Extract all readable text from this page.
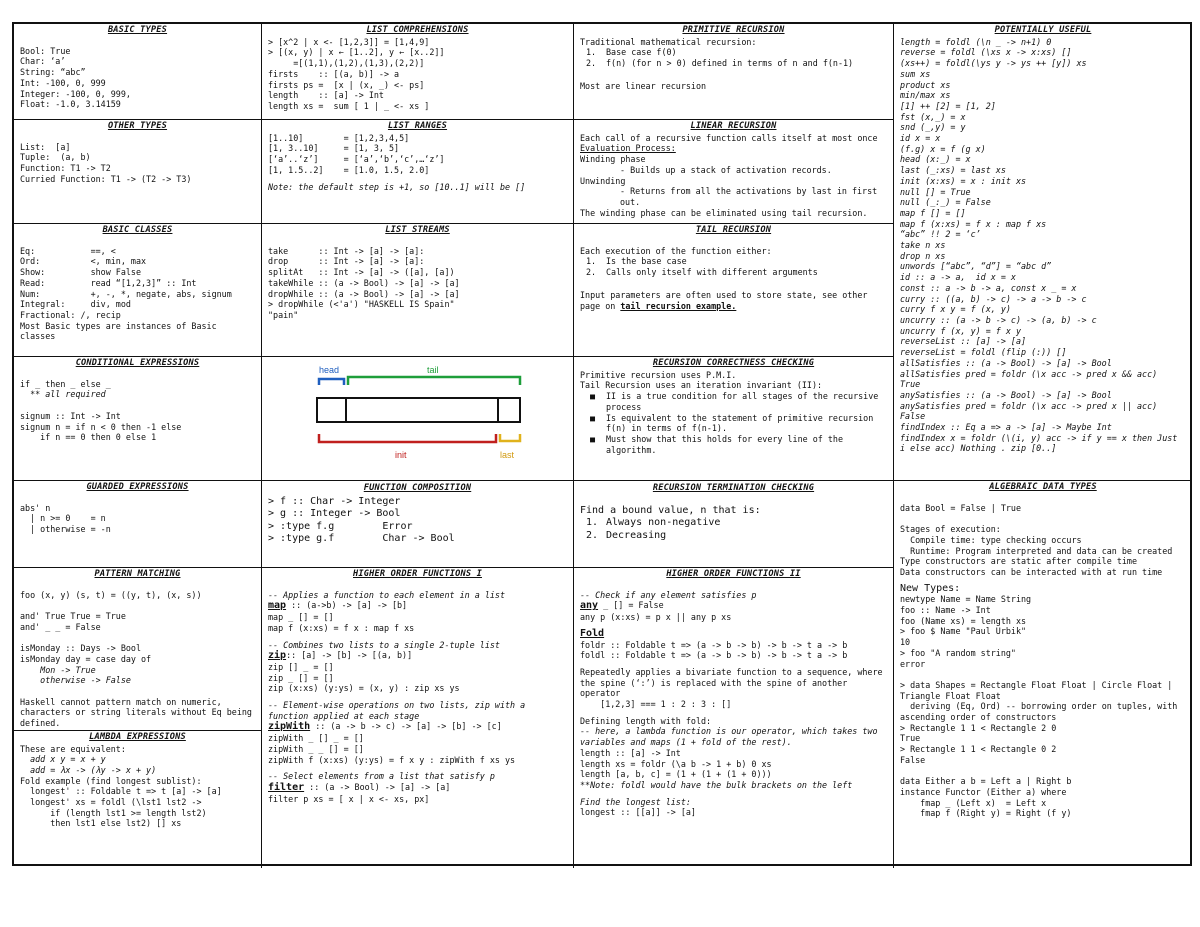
BASIC TYPES
Bool: True
Char: ‘a’
String: “abc”
Int: -100, 0, 999
Integer: -100, 0, 999,
Float: -1.0, 3.14159
OTHER TYPES
List:  [a]
Tuple:  (a, b)
Function: T1 -> T2
Curried Function: T1 -> (T2 -> T3)
BASIC CLASSES
Eq:           ==, <
Ord:          <, min, max
Show:         show False
Read:         read “[1,2,3]” :: Int
Num:          +, -, *, negate, abs, signum
Integral:     div, mod
Fractional: /, recip
Most Basic types are instances of Basic classes
CONDITIONAL EXPRESSIONS
if _ then _ else _
** all required

signum :: Int -> Int
signum n = if n < 0 then -1 else
if n == 0 then 0 else 1
GUARDED EXPRESSIONS
abs' n
| n >= 0    = n
| otherwise = -n
PATTERN MATCHING
foo (x, y) (s, t) = ((y, t), (x, s))

and' True True = True
and' _ _ = False

isMonday :: Days -> Bool
isMonday day = case day of
Mon -> True
otherwise -> False

Haskell cannot pattern match on numeric, characters or string literals without Eq being defined.
LAMBDA EXPRESSIONS
These are equivalent:
add x y = x + y
add = λx -> (λy -> x + y)
Fold example (find longest sublist):
longest' :: Foldable t => t [a] -> [a]
longest' xs = foldl (\lst1 lst2 ->
if (length lst1 >= length lst2)
then lst1 else lst2) [] xs
LIST COMPREHENSIONS
> [x^2 | x <- [1,2,3]] = [1,4,9]
> [(x, y) | x ← [1..2], y ← [x..2]]
=[(1,1),(1,2),(1,3),(2,2)]
firsts    :: [(a, b)] -> a
firsts ps =  [x | (x, _) <- ps]
length    :: [a] -> Int
length xs =  sum [ 1 | _ <- xs ]
LIST RANGES
[1..10]        = [1,2,3,4,5]
[1, 3..10]     = [1, 3, 5]
[‘a’..‘z’]     = [‘a’,‘b’,‘c’,…‘z’]
[1, 1.5..2]    = [1.0, 1.5, 2.0]
Note: the default step is +1, so [10..1] will be []
LIST STREAMS
take      :: Int -> [a] -> [a]:
drop      :: Int -> [a] -> [a]:
splitAt   :: Int -> [a] -> ([a], [a])
takeWhile :: (a -> Bool) -> [a] -> [a]
dropWhile :: (a -> Bool) -> [a] -> [a]
> dropWhile (<'a') "HASKELL IS Spain"
"pain"
head	tail
init	last
FUNCTION COMPOSITION
> f :: Char -> Integer
> g :: Integer -> Bool
> :type f.g        Error
> :type g.f        Char -> Bool
HIGHER ORDER FUNCTIONS I
-- Applies a function to each element in a list
map :: (a->b) -> [a] -> [b]
map _ [] = []
map f (x:xs) = f x : map f xs
-- Combines two lists to a single 2-tuple list
zip:: [a] -> [b] -> [(a, b)]
zip [] _ = []
zip _ [] = []
zip (x:xs) (y:ys) = (x, y) : zip xs ys
-- Element-wise operations on two lists, zip with a function applied at each stage
zipWith :: (a -> b -> c) -> [a] -> [b] -> [c]
zipWith _ [] _ = []
zipWith _ _ [] = []
zipWith f (x:xs) (y:ys) = f x y : zipWith f xs ys
-- Select elements from a list that satisfy p
filter :: (a -> Bool) -> [a] -> [a]
filter p xs = [ x | x <- xs, px]
PRIMITIVE RECURSION
Traditional mathematical recursion:
1. Base case f(0)
2. f(n) (for n > 0) defined in terms of n and f(n-1)
Most are linear recursion
LINEAR RECURSION
Each call of a recursive function calls itself at most once
Evaluation Process:
Winding phase
- Builds up a stack of activation records.
Unwinding
- Returns from all the activations by last in first out.
The winding phase can be eliminated using tail recursion.
TAIL RECURSION
Each execution of the function either:
1. Is the base case
2. Calls only itself with different arguments
Input parameters are often used to store state, see other page on tail recursion example.
RECURSION CORRECTNESS CHECKING
Primitive recursion uses P.M.I.
Tail Recursion uses an iteration invariant (II):
■ II is a true condition for all stages of the recursive process
■ Is equivalent to the statement of primitive recursion f(n) in terms of f(n-1).
■ Must show that this holds for every line of the algorithm.
RECURSION TERMINATION CHECKING
Find a bound value, n that is:
1. Always non-negative
2. Decreasing
HIGHER ORDER FUNCTIONS II
-- Check if any element satisfies p
any _ [] = False
any p (x:xs) = p x || any p xs
Fold
foldr :: Foldable t => (a -> b -> b) -> b -> t a -> b
foldl :: Foldable t => (a -> b -> b) -> b -> t a -> b
Repeatedly applies a bivariate function to a sequence, where the spine (‘:’) is replaced with the spine of another operator
[1,2,3] === 1 : 2 : 3 : []
Defining length with fold:
-- here, a lambda function is our operator, which takes two variables and maps (1 + fold of the rest).
length :: [a] -> Int
length xs = foldr (\a b -> 1 + b) 0 xs
length [a, b, c] = (1 + (1 + (1 + 0)))
**Note: foldl would have the bulk brackets on the left
Find the longest list:
longest :: [[a]] -> [a]
POTENTIALLY USEFUL
length = foldl (\n _ -> n+1) 0
reverse = foldl (\xs x -> x:xs) []
(xs++) = foldl(\ys y -> ys ++ [y]) xs
sum xs
product xs
min/max xs
[1] ++ [2] = [1, 2]
fst (x,_) = x
snd (_,y) = y
id x = x
(f.g) x = f (g x)
head (x:_) = x
last (_:xs) = last xs
init (x:xs) = x : init xs
null [] = True
null (_:_) = False
map f [] = []
map f (x:xs) = f x : map f xs
“abc” !! 2 = ‘c’
take n xs
drop n xs
unwords [“abc”, “d”] = “abc d”
id :: a -> a,  id x = x
const :: a -> b -> a, const x _ = x
curry :: ((a, b) -> c) -> a -> b -> c
curry f x y = f (x, y)
uncurry :: (a -> b -> c) -> (a, b) -> c
uncurry f (x, y) = f x y
reverseList :: [a] -> [a]
reverseList = foldl (flip (:)) []
allSatisfies :: (a -> Bool) -> [a] -> Bool
allSatisfies pred = foldr (\x acc -> pred x && acc)
True
anySatisfies :: (a -> Bool) -> [a] -> Bool
anySatisfies pred = foldr (\x acc -> pred x || acc)
False
findIndex :: Eq a => a -> [a] -> Maybe Int
findIndex x = foldr (\(i, y) acc -> if y == x then Just
i else acc) Nothing . zip [0..]
ALGEBRAIC DATA TYPES
data Bool = False | True

Stages of execution:
Compile time: type checking occurs
Runtime: Program interpreted and data can be created
Type constructors are static after compile time
Data constructors can be interacted with at run time
New Types:
newtype Name = Name String
foo :: Name -> Int
foo (Name xs) = length xs
> foo $ Name "Paul Urbik"
10
> foo "A random string"
error

> data Shapes = Rectangle Float Float | Circle Float | Triangle Float Float
deriving (Eq, Ord) -- borrowing order on tuples, with ascending order of constructors
> Rectangle 1 1 < Rectangle 2 0
True
> Rectangle 1 1 < Rectangle 0 2
False

data Either a b = Left a | Right b
instance Functor (Either a) where
fmap _ (Left x)  = Left x
fmap f (Right y) = Right (f y)
